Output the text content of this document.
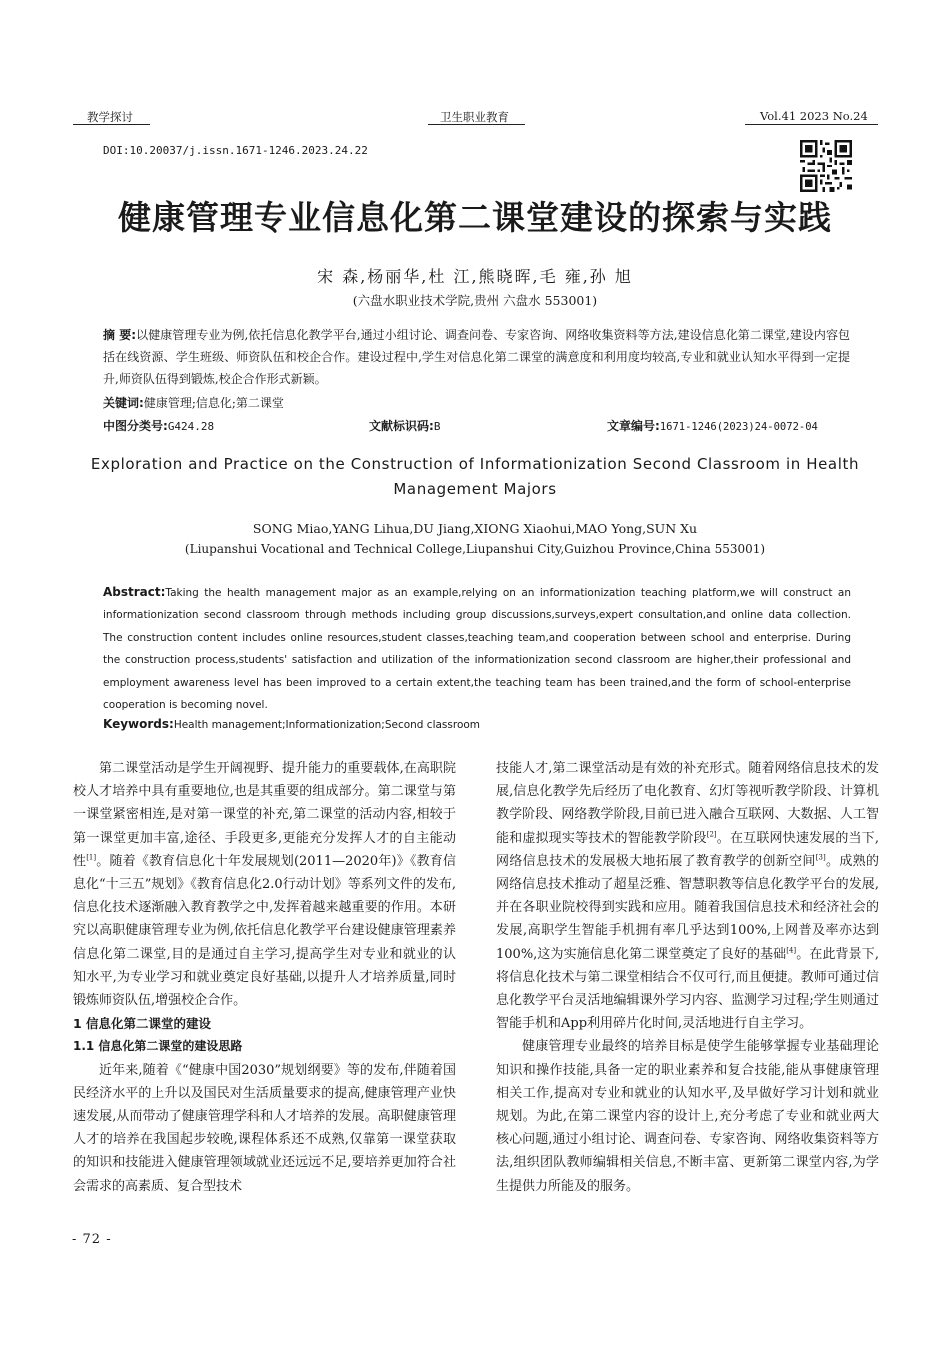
教学探讨	卫生职业教育	Vol.41 2023 No.24
DOI:10.20037/j.issn.1671-1246.2023.24.22
健康管理专业信息化第二课堂建设的探索与实践
宋 森,杨丽华,杜 江,熊晓晖,毛 雍,孙 旭
(六盘水职业技术学院,贵州 六盘水 553001)
摘 要:以健康管理专业为例,依托信息化教学平台,通过小组讨论、调查问卷、专家咨询、网络收集资料等方法,建设信息化第二课堂,建设内容包括在线资源、学生班级、师资队伍和校企合作。建设过程中,学生对信息化第二课堂的满意度和利用度均较高,专业和就业认知水平得到一定提升,师资队伍得到锻炼,校企合作形式新颖。
关键词:健康管理;信息化;第二课堂
中图分类号:G424.28	文献标识码:B	文章编号:1671-1246(2023)24-0072-04
Exploration and Practice on the Construction of Informationization Second Classroom in Health Management Majors
SONG Miao,YANG Lihua,DU Jiang,XIONG Xiaohui,MAO Yong,SUN Xu
(Liupanshui Vocational and Technical College,Liupanshui City,Guizhou Province,China 553001)
Abstract:Taking the health management major as an example,relying on an informationization teaching platform,we will construct an informationization second classroom through methods including group discussions,surveys,expert consultation,and online data collection. The construction content includes online resources,student classes,teaching team,and cooperation between school and enterprise. During the construction process,students' satisfaction and utilization of the informationization second classroom are higher,their professional and employment awareness level has been improved to a certain extent,the teaching team has been trained,and the form of school-enterprise cooperation is becoming novel.
Keywords:Health management;Informationization;Second classroom

第二课堂活动是学生开阔视野、提升能力的重要载体,在高职院校人才培养中具有重要地位,也是其重要的组成部分。第二课堂与第一课堂紧密相连,是对第一课堂的补充,第二课堂的活动内容,相较于第一课堂更加丰富,途径、手段更多,更能充分发挥人才的自主能动性[1]。随着《教育信息化十年发展规划(2011—2020年)》《教育信息化“十三五”规划》《教育信息化2.0行动计划》等系列文件的发布,信息化技术逐渐融入教育教学之中,发挥着越来越重要的作用。本研究以高职健康管理专业为例,依托信息化教学平台建设健康管理素养信息化第二课堂,目的是通过自主学习,提高学生对专业和就业的认知水平,为专业学习和就业奠定良好基础,以提升人才培养质量,同时锻炼师资队伍,增强校企合作。

1 信息化第二课堂的建设

1.1 信息化第二课堂的建设思路

近年来,随着《“健康中国2030”规划纲要》等的发布,伴随着国民经济水平的上升以及国民对生活质量要求的提高,健康管理产业快速发展,从而带动了健康管理学科和人才培养的发展。高职健康管理人才的培养在我国起步较晚,课程体系还不成熟,仅靠第一课堂获取的知识和技能进入健康管理领域就业还远远不足,要培养更加符合社会需求的高素质、复合型技术

技能人才,第二课堂活动是有效的补充形式。随着网络信息技术的发展,信息化教学先后经历了电化教育、幻灯等视听教学阶段、计算机教学阶段、网络教学阶段,目前已进入融合互联网、大数据、人工智能和虚拟现实等技术的智能教学阶段[2]。在互联网快速发展的当下,网络信息技术的发展极大地拓展了教育教学的创新空间[3]。成熟的网络信息技术推动了超星泛雅、智慧职教等信息化教学平台的发展,并在各职业院校得到实践和应用。随着我国信息技术和经济社会的发展,高职学生智能手机拥有率几乎达到100%,上网普及率亦达到100%,这为实施信息化第二课堂奠定了良好的基础[4]。在此背景下,将信息化技术与第二课堂相结合不仅可行,而且便捷。教师可通过信息化教学平台灵活地编辑课外学习内容、监测学习过程;学生则通过智能手机和App利用碎片化时间,灵活地进行自主学习。

健康管理专业最终的培养目标是使学生能够掌握专业基础理论知识和操作技能,具备一定的职业素养和复合技能,能从事健康管理相关工作,提高对专业和就业的认知水平,及早做好学习计划和就业规划。为此,在第二课堂内容的设计上,充分考虑了专业和就业两大核心问题,通过小组讨论、调查问卷、专家咨询、网络收集资料等方法,组织团队教师编辑相关信息,不断丰富、更新第二课堂内容,为学生提供力所能及的服务。

- 72 -
